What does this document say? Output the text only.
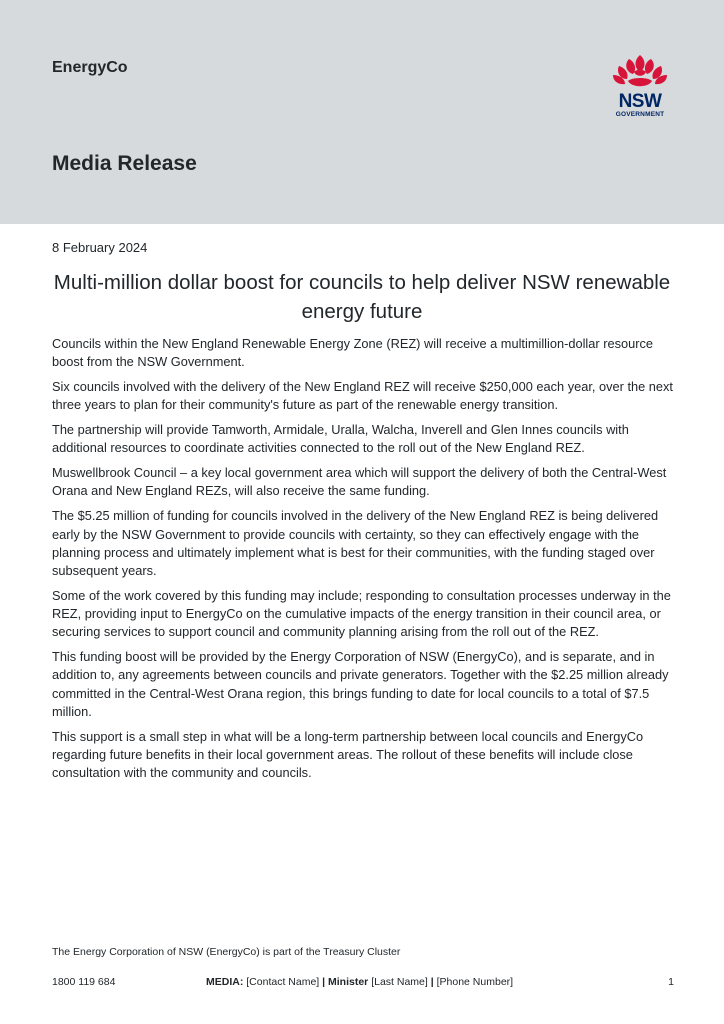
EnergyCo
Media Release
NSW
GOVERNMENT
8 February 2024
Multi-million dollar boost for councils to help deliver NSW renewable energy future

Councils within the New England Renewable Energy Zone (REZ) will receive a multimillion-dollar resource boost from the NSW Government.

Six councils involved with the delivery of the New England REZ will receive $250,000 each year, over the next three years to plan for their community's future as part of the renewable energy transition.

The partnership will provide Tamworth, Armidale, Uralla, Walcha, Inverell and Glen Innes councils with additional resources to coordinate activities connected to the roll out of the New England REZ.

Muswellbrook Council – a key local government area which will support the delivery of both the Central-West Orana and New England REZs, will also receive the same funding.

The $5.25 million of funding for councils involved in the delivery of the New England REZ is being delivered early by the NSW Government to provide councils with certainty, so they can effectively engage with the planning process and ultimately implement what is best for their communities, with the funding staged over subsequent years.

Some of the work covered by this funding may include; responding to consultation processes underway in the REZ, providing input to EnergyCo on the cumulative impacts of the energy transition in their council area, or securing services to support council and community planning arising from the roll out of the REZ.

This funding boost will be provided by the Energy Corporation of NSW (EnergyCo), and is separate, and in addition to, any agreements between councils and private generators. Together with the $2.25 million already committed in the Central-West Orana region, this brings funding to date for local councils to a total of $7.5 million.

This support is a small step in what will be a long-term partnership between local councils and EnergyCo regarding future benefits in their local government areas. The rollout of these benefits will include close consultation with the community and councils.

The Energy Corporation of NSW (EnergyCo) is part of the Treasury Cluster
1800 119 684	MEDIA: [Contact Name] | Minister [Last Name] | [Phone Number]	1
